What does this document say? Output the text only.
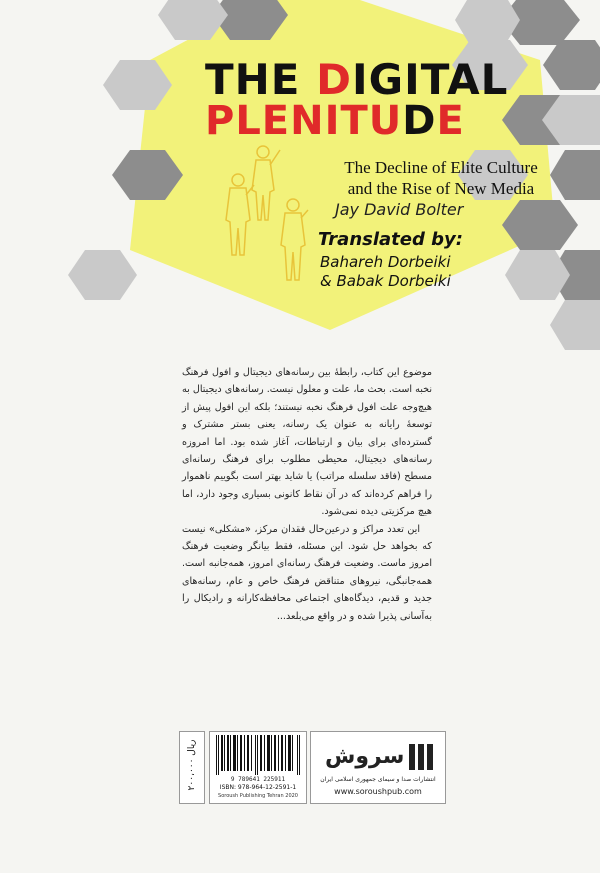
THE DIGITAL
PLENITUDE
The Decline of Elite Culture
and the Rise of New Media
Jay David Bolter
Translated by:
Bahareh Dorbeiki
& Babak Dorbeiki

موضوع این کتاب، رابطهٔ بین رسانه‌های دیجیتال و افول فرهنگ نخبه است. بحث ما، علت و معلول نیست. رسانه‌های دیجیتال به هیچ‌وجه علت افول فرهنگ نخبه نیستند؛ بلکه این افول پیش از توسعهٔ رایانه به عنوان یک رسانه، یعنی بستر مشترک و گسترده‌ای برای بیان و ارتباطات، آغاز شده بود. اما امروزه رسانه‌های دیجیتال، محیطی مطلوب برای فرهنگ رسانه‌ای مسطح (فاقد سلسله مراتب) یا شاید بهتر است بگوییم ناهموار را فراهم کرده‌اند که در آن نقاط کانونی بسیاری وجود دارد، اما هیچ مرکزیتی دیده نمی‌شود.

این تعدد مراکز و درعین‌حال فقدان مرکز، «مشکلی» نیست که بخواهد حل شود. این مسئله، فقط بیانگر وضعیت فرهنگ امروز ماست. وضعیت فرهنگ رسانه‌ای امروز، همه‌جانبه است. همه‌جانبگی، نیروهای متناقض فرهنگ خاص و عام، رسانه‌های جدید و قدیم، دیدگاه‌های اجتماعی محافظه‌کارانه و رادیکال را به‌آسانی پذیرا شده و در واقع می‌بلعد...

۲۰۰،۰۰۰ ریال
9 789641 225911
ISBN: 978-964-12-2591-1
Soroush Publishing Tehran 2020
سروش
انتشارات صدا و سیمای جمهوری اسلامی ایران
www.soroushpub.com
